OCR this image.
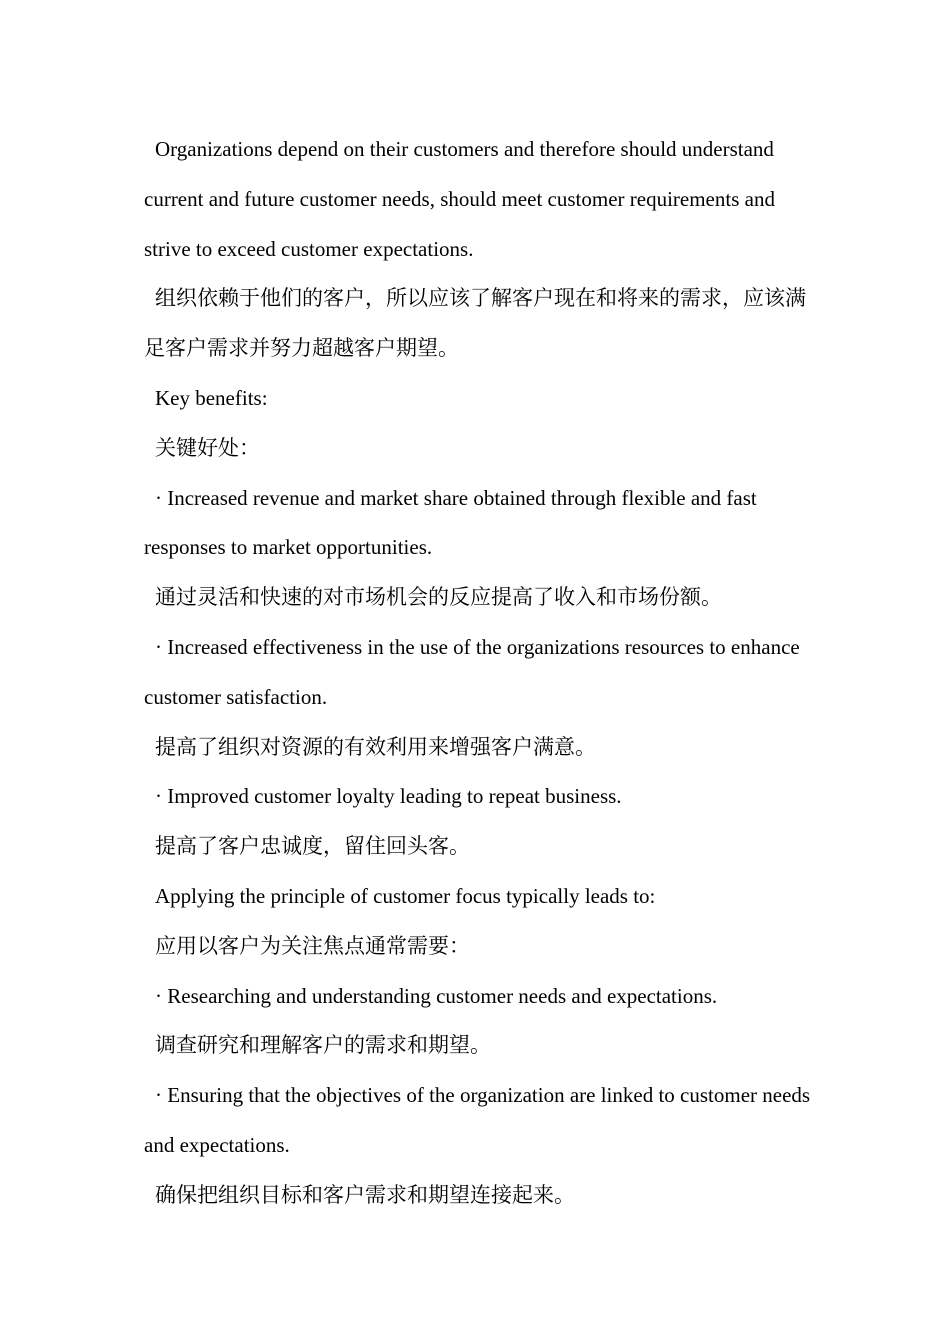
Organizations depend on their customers and therefore should understand current and future customer needs, should meet customer requirements and strive to exceed customer expectations.

组织依赖于他们的客户，所以应该了解客户现在和将来的需求，应该满足客户需求并努力超越客户期望。

Key benefits:

关键好处：

· Increased revenue and market share obtained through flexible and fast responses to market opportunities.

通过灵活和快速的对市场机会的反应提高了收入和市场份额。

· Increased effectiveness in the use of the organizations resources to enhance customer satisfaction.

提高了组织对资源的有效利用来增强客户满意。

· Improved customer loyalty leading to repeat business.

提高了客户忠诚度，留住回头客。

Applying the principle of customer focus typically leads to:

应用以客户为关注焦点通常需要：

· Researching and understanding customer needs and expectations.

调查研究和理解客户的需求和期望。

· Ensuring that the objectives of the organization are linked to customer needs and expectations.

确保把组织目标和客户需求和期望连接起来。
